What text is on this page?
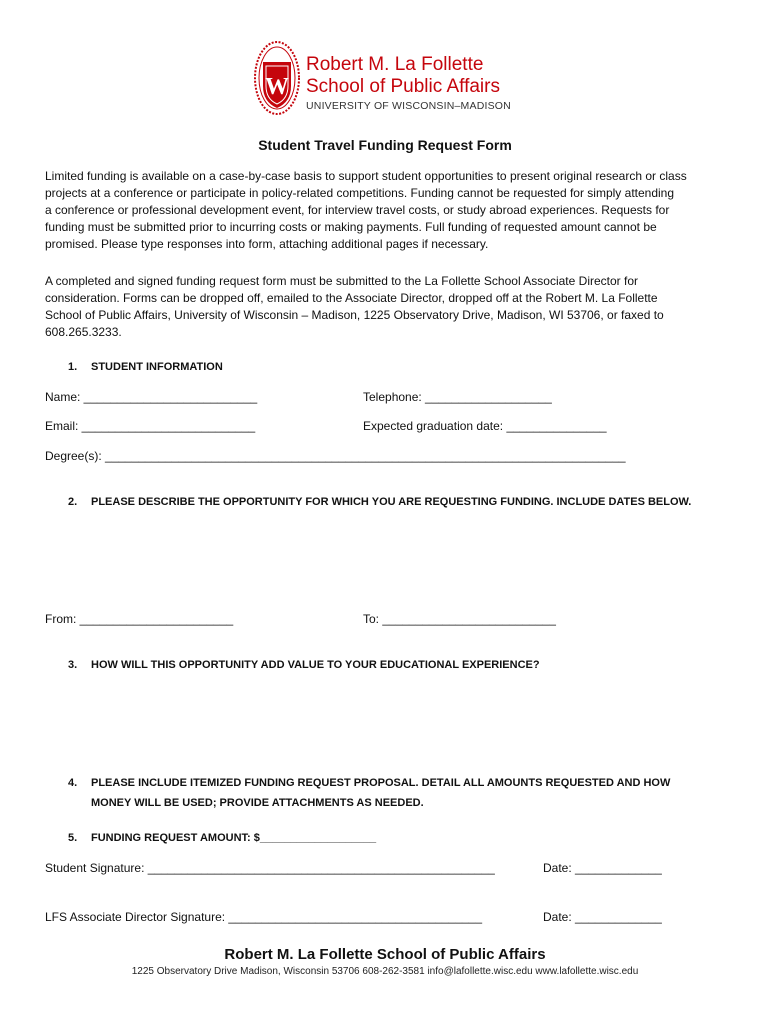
W
Robert M. La Follette
School of Public Affairs
UNIVERSITY OF WISCONSIN–MADISON
Student Travel Funding Request Form
Limited funding is available on a case-by-case basis to support student opportunities to present original research or class
projects at a conference or participate in policy-related competitions. Funding cannot be requested for simply attending
a conference or professional development event, for interview travel costs, or study abroad experiences. Requests for
funding must be submitted prior to incurring costs or making payments. Full funding of requested amount cannot be
promised. Please type responses into form, attaching additional pages if necessary.
A completed and signed funding request form must be submitted to the La Follette School Associate Director for
consideration. Forms can be dropped off, emailed to the Associate Director, dropped off at the Robert M. La Follette
School of Public Affairs, University of Wisconsin – Madison, 1225 Observatory Drive, Madison, WI 53706, or faxed to
608.265.3233.
1. STUDENT INFORMATION
Name: __________________________	Telephone: ___________________
Email: __________________________	Expected graduation date: _______________
Degree(s): ______________________________________________________________________________
2. PLEASE DESCRIBE THE OPPORTUNITY FOR WHICH YOU ARE REQUESTING FUNDING. INCLUDE DATES BELOW.
From: _______________________	To: __________________________
3. HOW WILL THIS OPPORTUNITY ADD VALUE TO YOUR EDUCATIONAL EXPERIENCE?
4. PLEASE INCLUDE ITEMIZED FUNDING REQUEST PROPOSAL. DETAIL ALL AMOUNTS REQUESTED AND HOW
MONEY WILL BE USED; PROVIDE ATTACHMENTS AS NEEDED.
5. FUNDING REQUEST AMOUNT: $___________________
Student Signature: ____________________________________________________	Date: _____________
LFS Associate Director Signature: ______________________________________	Date: _____________
Robert M. La Follette School of Public Affairs
1225 Observatory Drive Madison, Wisconsin 53706 608-262-3581 info@lafollette.wisc.edu www.lafollette.wisc.edu
